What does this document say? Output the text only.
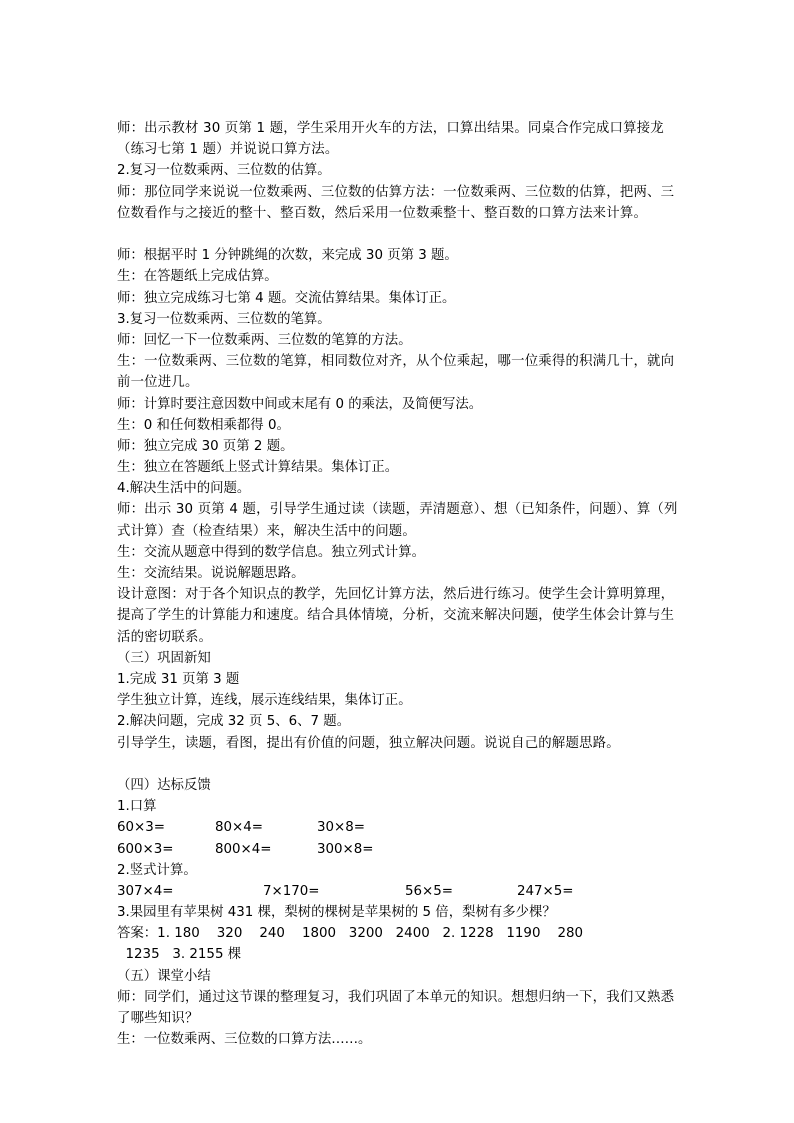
师：出示教材 30 页第 1 题，学生采用开火车的方法，口算出结果。同桌合作完成口算接龙（练习七第 1 题）并说说口算方法。
2.复习一位数乘两、三位数的估算。
师：那位同学来说说一位数乘两、三位数的估算方法：一位数乘两、三位数的估算，把两、三位数看作与之接近的整十、整百数，然后采用一位数乘整十、整百数的口算方法来计算。
师：根据平时 1 分钟跳绳的次数，来完成 30 页第 3 题。
生：在答题纸上完成估算。
师：独立完成练习七第 4 题。交流估算结果。集体订正。
3.复习一位数乘两、三位数的笔算。
师：回忆一下一位数乘两、三位数的笔算的方法。
生：一位数乘两、三位数的笔算，相同数位对齐，从个位乘起，哪一位乘得的积满几十，就向前一位进几。
师：计算时要注意因数中间或末尾有 0 的乘法，及简便写法。
生：0 和任何数相乘都得 0。
师：独立完成 30 页第 2 题。
生：独立在答题纸上竖式计算结果。集体订正。
4.解决生活中的问题。
师：出示 30 页第 4 题，引导学生通过读（读题，弄清题意）、想（已知条件，问题）、算（列式计算）查（检查结果）来，解决生活中的问题。
生：交流从题意中得到的数学信息。独立列式计算。
生：交流结果。说说解题思路。
设计意图：对于各个知识点的教学，先回忆计算方法，然后进行练习。使学生会计算明算理，提高了学生的计算能力和速度。结合具体情境，分析，交流来解决问题，使学生体会计算与生活的密切联系。
（三）巩固新知
1.完成 31 页第 3 题
学生独立计算，连线，展示连线结果，集体订正。
2.解决问题，完成 32 页 5、6、7 题。
引导学生，读题，看图，提出有价值的问题，独立解决问题。说说自己的解题思路。
（四）达标反馈
1.口算
60×3=	80×4=	30×8=
600×3=	800×4=	300×8=
2.竖式计算。
307×4=	7×170=	56×5=	247×5=
3.果园里有苹果树 431 棵，梨树的棵树是苹果树的 5 倍，梨树有多少棵？
答案：1. 180    320    240    1800   3200   2400   2. 1228   1190    280
1235   3. 2155 棵
（五）课堂小结
师：同学们，通过这节课的整理复习，我们巩固了本单元的知识。想想归纳一下，我们又熟悉了哪些知识？
生：一位数乘两、三位数的口算方法……。
